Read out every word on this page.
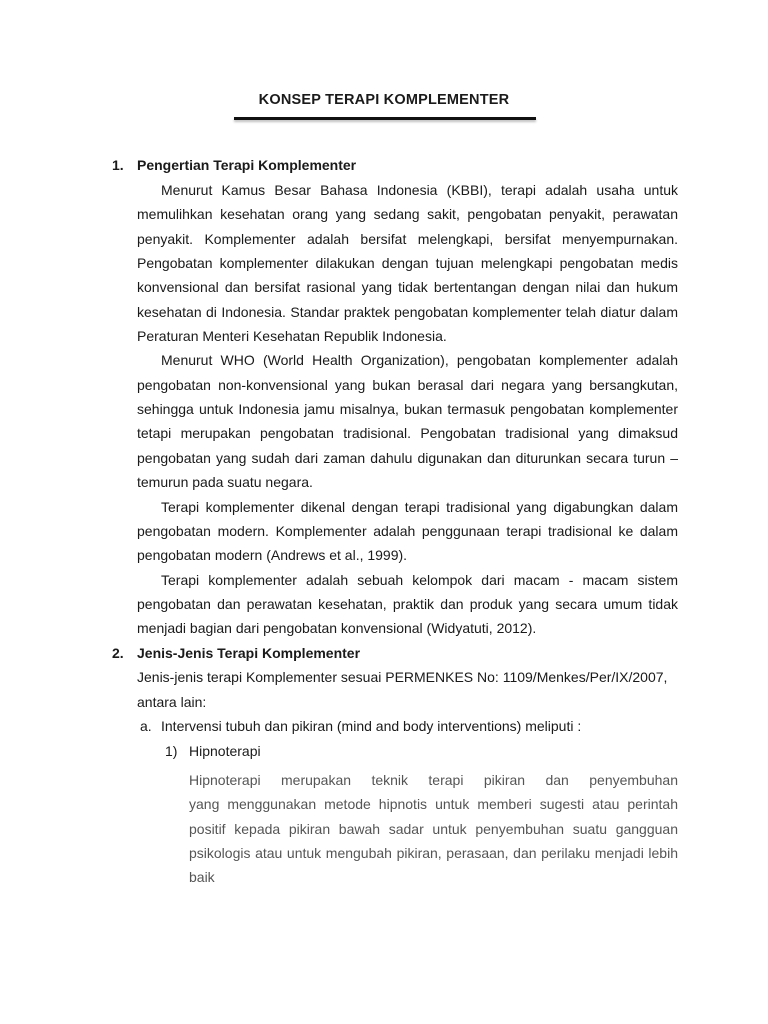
KONSEP TERAPI KOMPLEMENTER
1. Pengertian Terapi Komplementer
Menurut Kamus Besar Bahasa Indonesia (KBBI), terapi adalah usaha untuk
memulihkan kesehatan orang yang sedang sakit, pengobatan penyakit, perawatan
penyakit. Komplementer adalah bersifat melengkapi, bersifat menyempurnakan.
Pengobatan komplementer dilakukan dengan tujuan melengkapi pengobatan medis
konvensional dan bersifat rasional yang tidak bertentangan dengan nilai dan hukum
kesehatan di Indonesia. Standar praktek pengobatan komplementer telah diatur dalam
Peraturan Menteri Kesehatan Republik Indonesia.
Menurut WHO (World Health Organization), pengobatan komplementer adalah
pengobatan non-konvensional yang bukan berasal dari negara yang bersangkutan,
sehingga untuk Indonesia jamu misalnya, bukan termasuk pengobatan komplementer
tetapi merupakan pengobatan tradisional. Pengobatan tradisional yang dimaksud
pengobatan yang sudah dari zaman dahulu digunakan dan diturunkan secara turun –
temurun pada suatu negara.
Terapi komplementer dikenal dengan terapi tradisional yang digabungkan dalam
pengobatan modern. Komplementer adalah penggunaan terapi tradisional ke dalam
pengobatan modern (Andrews et al., 1999).
Terapi komplementer adalah sebuah kelompok dari macam - macam sistem
pengobatan dan perawatan kesehatan, praktik dan produk yang secara umum tidak
menjadi bagian dari pengobatan konvensional (Widyatuti, 2012).
2. Jenis-Jenis Terapi Komplementer
Jenis-jenis terapi Komplementer sesuai PERMENKES No: 1109/Menkes/Per/IX/2007,
antara lain:
a. Intervensi tubuh dan pikiran (mind and body interventions) meliputi :
1) Hipnoterapi
Hipnoterapi merupakan teknik terapi pikiran dan penyembuhan
yang menggunakan metode hipnotis untuk memberi sugesti atau perintah
positif kepada pikiran bawah sadar untuk penyembuhan suatu gangguan
psikologis atau untuk mengubah pikiran, perasaan, dan perilaku menjadi lebih
baik
